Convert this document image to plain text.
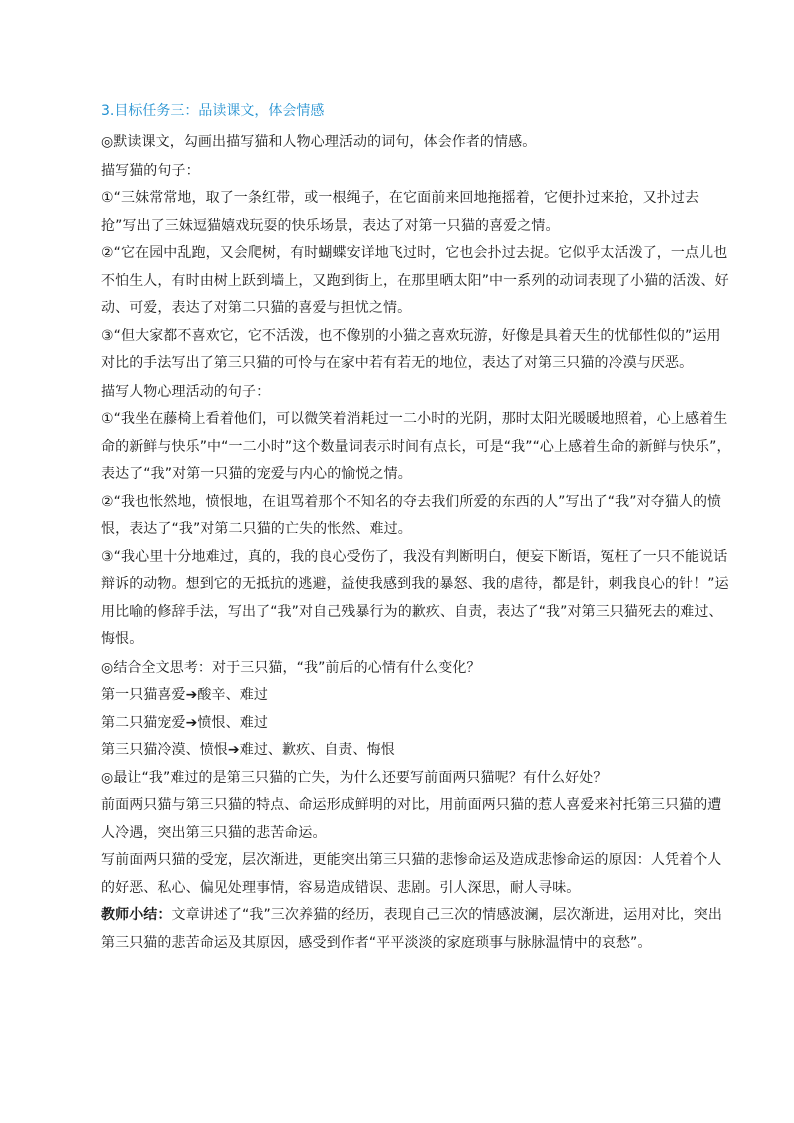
3.目标任务三：品读课文，体会情感

◎默读课文，勾画出描写猫和人物心理活动的词句，体会作者的情感。

描写猫的句子：

①“三妹常常地，取了一条红带，或一根绳子，在它面前来回地拖摇着，它便扑过来抢，又扑过去抢”写出了三妹逗猫嬉戏玩耍的快乐场景，表达了对第一只猫的喜爱之情。

②“它在园中乱跑，又会爬树，有时蝴蝶安详地飞过时，它也会扑过去捉。它似乎太活泼了，一点儿也不怕生人，有时由树上跃到墙上，又跑到街上，在那里晒太阳”中一系列的动词表现了小猫的活泼、好动、可爱，表达了对第二只猫的喜爱与担忧之情。

③“但大家都不喜欢它，它不活泼，也不像别的小猫之喜欢玩游，好像是具着天生的忧郁性似的”运用对比的手法写出了第三只猫的可怜与在家中若有若无的地位，表达了对第三只猫的冷漠与厌恶。

描写人物心理活动的句子：

①“我坐在藤椅上看着他们，可以微笑着消耗过一二小时的光阴，那时太阳光暖暖地照着，心上感着生命的新鲜与快乐”中“一二小时”这个数量词表示时间有点长，可是“我”“心上感着生命的新鲜与快乐”，表达了“我”对第一只猫的宠爱与内心的愉悦之情。

②“我也怅然地，愤恨地，在诅骂着那个不知名的夺去我们所爱的东西的人”写出了“我”对夺猫人的愤恨，表达了“我”对第二只猫的亡失的怅然、难过。

③“我心里十分地难过，真的，我的良心受伤了，我没有判断明白，便妄下断语，冤枉了一只不能说话辩诉的动物。想到它的无抵抗的逃避，益使我感到我的暴怒、我的虐待，都是针，刺我良心的针！”运用比喻的修辞手法，写出了“我”对自己残暴行为的歉疚、自责，表达了“我”对第三只猫死去的难过、悔恨。

◎结合全文思考：对于三只猫，“我”前后的心情有什么变化？

第一只猫喜爱➔酸辛、难过

第二只猫宠爱➔愤恨、难过

第三只猫冷漠、愤恨➔难过、歉疚、自责、悔恨

◎最让“我”难过的是第三只猫的亡失，为什么还要写前面两只猫呢？有什么好处？

前面两只猫与第三只猫的特点、命运形成鲜明的对比，用前面两只猫的惹人喜爱来衬托第三只猫的遭人冷遇，突出第三只猫的悲苦命运。

写前面两只猫的受宠，层次渐进，更能突出第三只猫的悲惨命运及造成悲惨命运的原因：人凭着个人的好恶、私心、偏见处理事情，容易造成错误、悲剧。引人深思，耐人寻味。

教师小结：文章讲述了“我”三次养猫的经历，表现自己三次的情感波澜，层次渐进，运用对比，突出第三只猫的悲苦命运及其原因，感受到作者“平平淡淡的家庭琐事与脉脉温情中的哀愁”。
